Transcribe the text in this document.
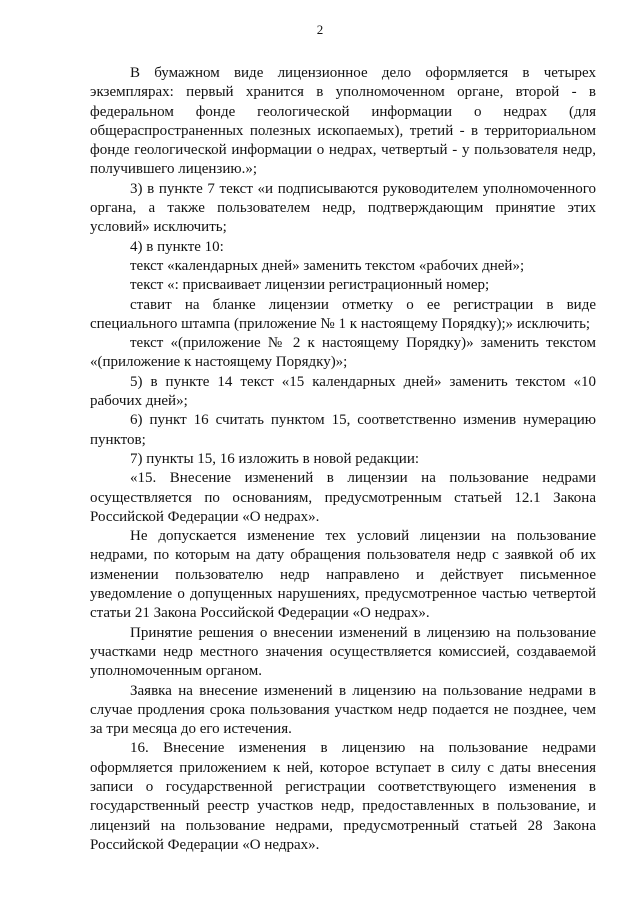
2

В бумажном виде лицензионное дело оформляется в четырех экземплярах: первый хранится в уполномоченном органе, второй - в федеральном фонде геологической информации о недрах (для общераспространенных полезных ископаемых), третий - в территориальном фонде геологической информации о недрах, четвертый - у пользователя недр, получившего лицензию.»;

3) в пункте 7 текст «и подписываются руководителем уполномоченного органа, а также пользователем недр, подтверждающим принятие этих условий» исключить;

4) в пункте 10:

текст «календарных дней» заменить текстом «рабочих дней»;

текст «: присваивает лицензии регистрационный номер;

ставит на бланке лицензии отметку о ее регистрации в виде специального штампа (приложение № 1 к настоящему Порядку);» исключить;

текст «(приложение № 2 к настоящему Порядку)» заменить текстом «(приложение к настоящему Порядку)»;

5) в пункте 14 текст «15 календарных дней» заменить текстом «10 рабочих дней»;

6) пункт 16 считать пунктом 15, соответственно изменив нумерацию пунктов;

7) пункты 15, 16 изложить в новой редакции:

«15. Внесение изменений в лицензии на пользование недрами осуществляется по основаниям, предусмотренным статьей 12.1 Закона Российской Федерации «О недрах».

Не допускается изменение тех условий лицензии на пользование недрами, по которым на дату обращения пользователя недр с заявкой об их изменении пользователю недр направлено и действует письменное уведомление о допущенных нарушениях, предусмотренное частью четвертой статьи 21 Закона Российской Федерации «О недрах».

Принятие решения о внесении изменений в лицензию на пользование участками недр местного значения осуществляется комиссией, создаваемой уполномоченным органом.

Заявка на внесение изменений в лицензию на пользование недрами в случае продления срока пользования участком недр подается не позднее, чем за три месяца до его истечения.

16. Внесение изменения в лицензию на пользование недрами оформляется приложением к ней, которое вступает в силу с даты внесения записи о государственной регистрации соответствующего изменения в государственный реестр участков недр, предоставленных в пользование, и лицензий на пользование недрами, предусмотренный статьей 28 Закона Российской Федерации «О недрах».
